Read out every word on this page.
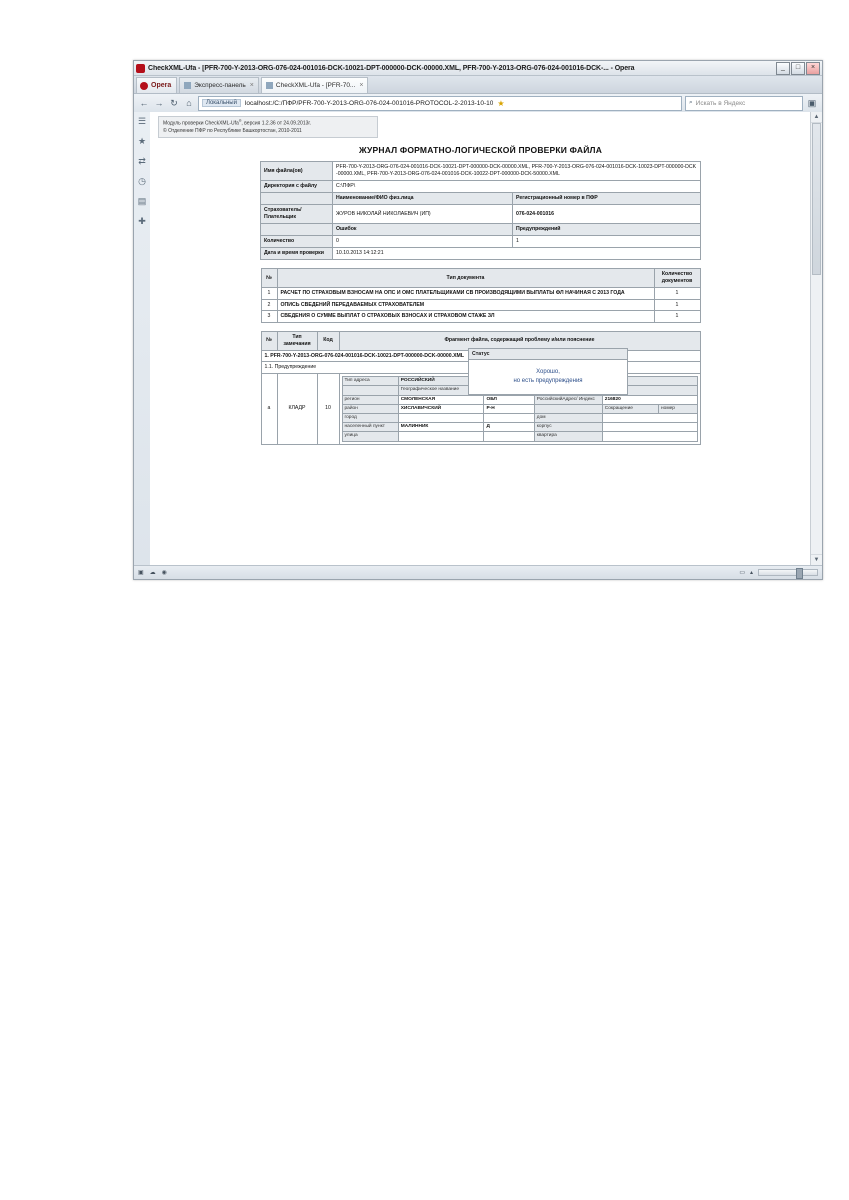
CheckXML-Ufa - [PFR-700-Y-2013-ORG-076-024-001016-DCK-10021-DPT-000000-DCK-00000.XML, PFR-700-Y-2013-ORG-076-024-001016-DCK-... - Opera	_	□	×
Opera	Экспресс-панель ×	CheckXML-Ufa - [PFR-70... ×
← → ↻ ⌂	Локальный	localhost:/C:/ПФР/PFR-700-Y-2013-ORG-076-024-001016-PROTOCOL-2-2013-10-10 ★	⌕ Искать в Яндекс	▣
☰
★
⇄
◷
▤
✚
Модуль проверки CheckXML-Ufa®, версия 1.2.36 от 24.09.2013г.
© Отделение ПФР по Республике Башкортостан, 2010-2011
ЖУРНАЛ ФОРМАТНО-ЛОГИЧЕСКОЙ ПРОВЕРКИ ФАЙЛА
Имя файла(ов)	PFR-700-Y-2013-ORG-076-024-001016-DCK-10021-DPT-000000-DCK-00000.XML, PFR-700-Y-2013-ORG-076-024-001016-DCK-10023-DPT-000000-DCK-00000.XML, PFR-700-Y-2013-ORG-076-024-001016-DCK-10022-DPT-000000-DCK-50000.XML	
Директория с файлу	C:\ПФР\	
	Наименование/ФИО физ.лица	Регистрационный номер в ПФР
Страхователь/ Плательщик	ЖУРОВ НИКОЛАЙ НИКОЛАЕВИЧ (ИП)	076-024-001016
	Ошибок	Предупреждений
Количество	0	1
Дата и время проверки	10.10.2013 14:12:21	
Статус
Хорошо,
но есть предупреждения
№	Тип документа	Количество документов
1	РАСЧЕТ ПО СТРАХОВЫМ ВЗНОСАМ НА ОПС И ОМС ПЛАТЕЛЬЩИКАМИ СВ ПРОИЗВОДЯЩИМИ ВЫПЛАТЫ ФЛ НАЧИНАЯ С 2013 ГОДА	1
2	ОПИСЬ СВЕДЕНИЙ ПЕРЕДАВАЕМЫХ СТРАХОВАТЕЛЕМ	1
3	СВЕДЕНИЯ О СУММЕ ВЫПЛАТ О СТРАХОВЫХ ВЗНОСАХ И СТРАХОВОМ СТАЖЕ ЗЛ	1
№	Тип замечания	Код	Фрагмент файла, содержащий проблему и/или пояснение
1. PFR-700-Y-2013-ORG-076-024-001016-DCK-10021-DPT-000000-DCK-00000.XML
1.1. Предупреждение
а	КЛАДР	10	
Тип адреса	РОССИЙСКИЙ
	Географическое название		
регион	СМОЛЕНСКАЯ	ОБЛ	РоссийскийАдрес/ Индекс	216820
район	ХИСЛАВИЧСКИЙ	Р-Н		Сокращение	номер
город			дом	
населенный пункт	МАЛИННИК	Д	корпус	
улица			квартира	
▲
▼
▣ ☁ ◉	▭ ▴
